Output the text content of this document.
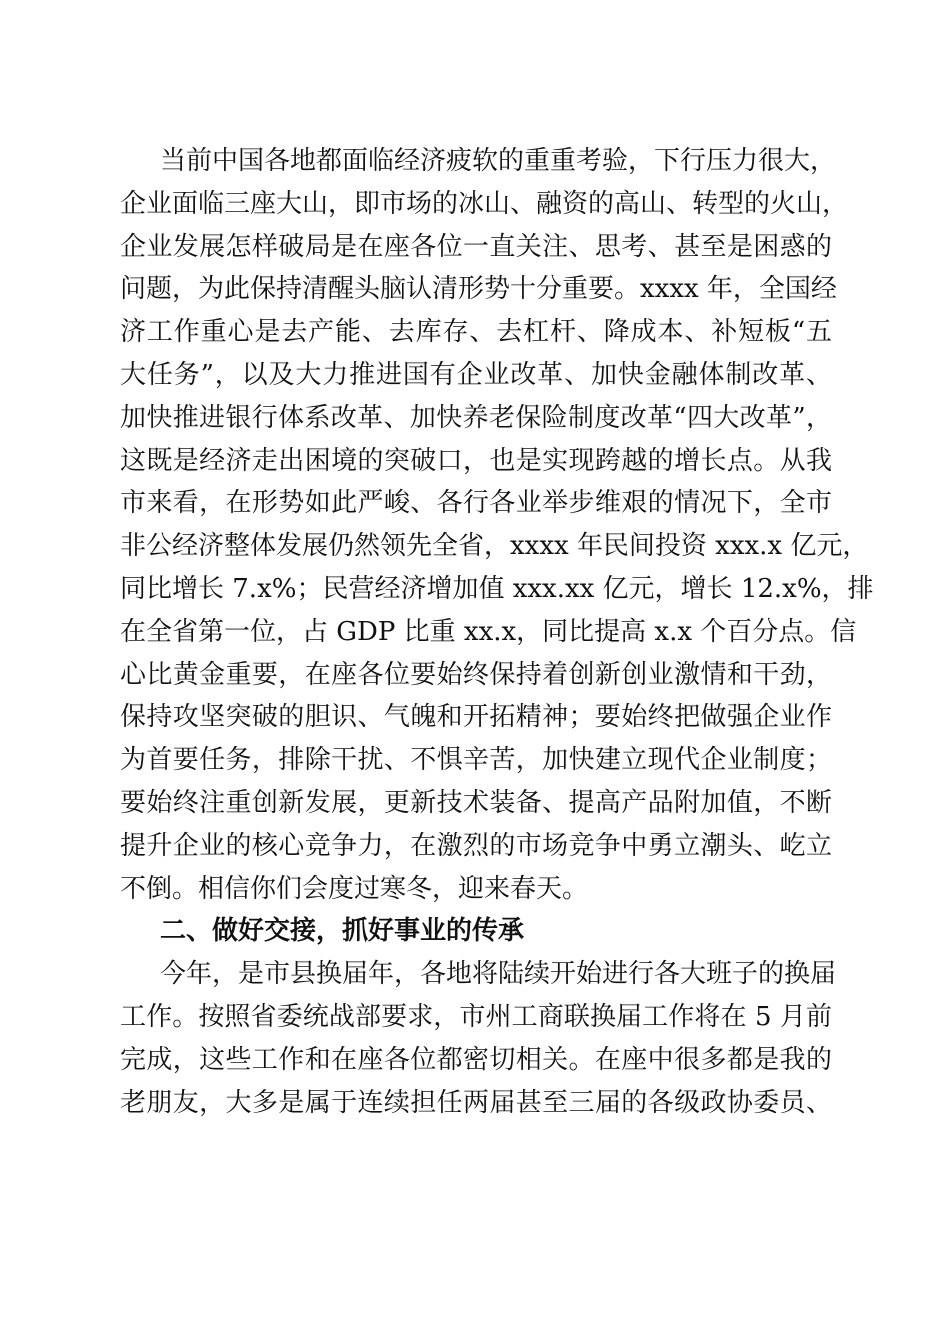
当前中国各地都面临经济疲软的重重考验，下行压力很大，
企业面临三座大山，即市场的冰山、融资的高山、转型的火山，
企业发展怎样破局是在座各位一直关注、思考、甚至是困惑的
问题，为此保持清醒头脑认清形势十分重要。xxxx 年，全国经
济工作重心是去产能、去库存、去杠杆、降成本、补短板“五
大任务”，以及大力推进国有企业改革、加快金融体制改革、
加快推进银行体系改革、加快养老保险制度改革“四大改革”，
这既是经济走出困境的突破口，也是实现跨越的增长点。从我
市来看，在形势如此严峻、各行各业举步维艰的情况下，全市
非公经济整体发展仍然领先全省，xxxx 年民间投资 xxx.x 亿元，
同比增长 7.x%；民营经济增加值 xxx.xx 亿元，增长 12.x%，排
在全省第一位，占 GDP 比重 xx.x，同比提高 x.x 个百分点。信
心比黄金重要，在座各位要始终保持着创新创业激情和干劲，
保持攻坚突破的胆识、气魄和开拓精神；要始终把做强企业作
为首要任务，排除干扰、不惧辛苦，加快建立现代企业制度；
要始终注重创新发展，更新技术装备、提高产品附加值，不断
提升企业的核心竞争力，在激烈的市场竞争中勇立潮头、屹立
不倒。相信你们会度过寒冬，迎来春天。
二、做好交接，抓好事业的传承
今年，是市县换届年，各地将陆续开始进行各大班子的换届
工作。按照省委统战部要求，市州工商联换届工作将在 5 月前
完成，这些工作和在座各位都密切相关。在座中很多都是我的
老朋友，大多是属于连续担任两届甚至三届的各级政协委员、
